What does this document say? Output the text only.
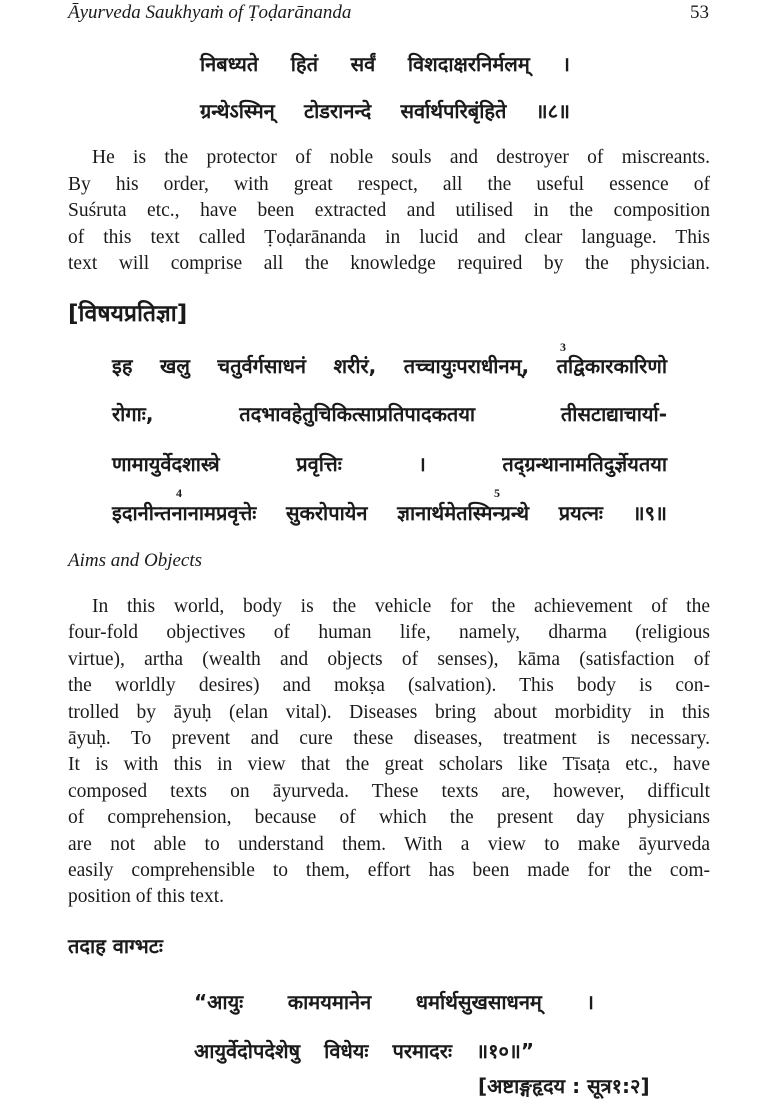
Āyurveda Saukhyaṁ of Ṭoḍarānanda	53
निबध्यते हितं सर्वं विशदाक्षरनिर्मलम् ।
ग्रन्थेऽस्मिन् टोडरानन्दे सर्वार्थपरिबृंहिते ॥८॥
He is the protector of noble souls and destroyer of miscreants.
By his order, with great respect, all the useful essence of
Suśruta etc., have been extracted and utilised in the composition
of this text called Ṭoḍarānanda in lucid and clear language. This
text will comprise all the knowledge required by the physician.
[विषयप्रतिज्ञा]
3
इह खलु चतुर्वर्गसाधनं शरीरं, तच्चायुःपराधीनम्, तद्विकारकारिणो
रोगाः, तदभावहेतुचिकित्साप्रतिपादकतया तीसटाद्याचार्या-
णामायुर्वेदशास्त्रे प्रवृत्तिः । तद्ग्रन्थानामतिदुर्ज्ञेयतया
4	5
इदानीन्तनानामप्रवृत्तेः सुकरोपायेन ज्ञानार्थमेतस्मिन्ग्रन्थे प्रयत्नः ॥९॥
Aims and Objects
In this world, body is the vehicle for the achievement of the
four-fold objectives of human life, namely, dharma (religious
virtue), artha (wealth and objects of senses), kāma (satisfaction of
the worldly desires) and mokṣa (salvation). This body is con-
trolled by āyuḥ (elan vital). Diseases bring about morbidity in this
āyuḥ. To prevent and cure these diseases, treatment is necessary.
It is with this in view that the great scholars like Tīsaṭa etc., have
composed texts on āyurveda. These texts are, however, difficult
of comprehension, because of which the present day physicians
are not able to understand them. With a view to make āyurveda
easily comprehensible to them, effort has been made for the com-
position of this text.
तदाह वाग्भटः
“आयुः कामयमानेन धर्मार्थसुखसाधनम् ।
आयुर्वेदोपदेशेषु विधेयः परमादरः ॥१०॥”
[अष्टाङ्गहृदय : सूत्र१:२]
